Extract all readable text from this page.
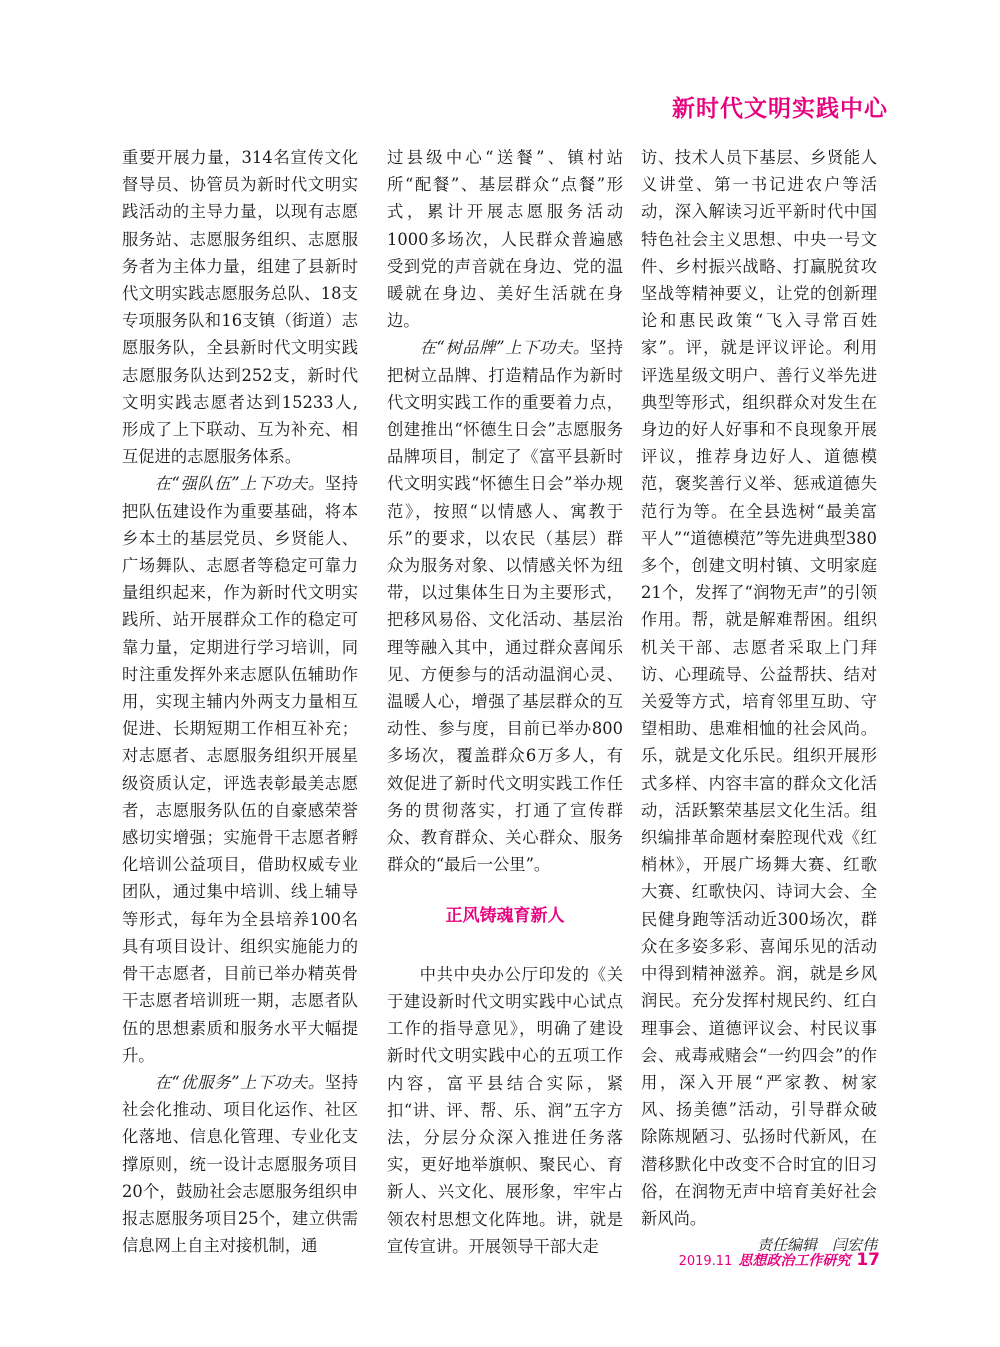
新时代文明实践中心

重要开展力量，314名宣传文化督导员、协管员为新时代文明实践活动的主导力量，以现有志愿服务站、志愿服务组织、志愿服务者为主体力量，组建了县新时代文明实践志愿服务总队、18支专项服务队和16支镇（街道）志愿服务队，全县新时代文明实践志愿服务队达到252支，新时代文明实践志愿者达到15233人,形成了上下联动、互为补充、相互促进的志愿服务体系。

在“强队伍”上下功夫。坚持把队伍建设作为重要基础，将本乡本土的基层党员、乡贤能人、广场舞队、志愿者等稳定可靠力量组织起来，作为新时代文明实践所、站开展群众工作的稳定可靠力量，定期进行学习培训，同时注重发挥外来志愿队伍辅助作用，实现主辅内外两支力量相互促进、长期短期工作相互补充；对志愿者、志愿服务组织开展星级资质认定，评选表彰最美志愿者，志愿服务队伍的自豪感荣誉感切实增强；实施骨干志愿者孵化培训公益项目，借助权威专业团队，通过集中培训、线上辅导等形式，每年为全县培养100名具有项目设计、组织实施能力的骨干志愿者，目前已举办精英骨干志愿者培训班一期，志愿者队伍的思想素质和服务水平大幅提升。

在“优服务”上下功夫。坚持社会化推动、项目化运作、社区化落地、信息化管理、专业化支撑原则，统一设计志愿服务项目20个，鼓励社会志愿服务组织申报志愿服务项目25个，建立供需信息网上自主对接机制，通

过县级中心“送餐”、镇村站所“配餐”、基层群众“点餐”形式，累计开展志愿服务活动1000多场次，人民群众普遍感受到党的声音就在身边、党的温暖就在身边、美好生活就在身边。

在“树品牌”上下功夫。坚持把树立品牌、打造精品作为新时代文明实践工作的重要着力点，创建推出“怀德生日会”志愿服务品牌项目，制定了《富平县新时代文明实践“怀德生日会”举办规范》，按照“以情感人、寓教于乐”的要求，以农民（基层）群众为服务对象、以情感关怀为纽带，以过集体生日为主要形式，把移风易俗、文化活动、基层治理等融入其中，通过群众喜闻乐见、方便参与的活动温润心灵、温暖人心，增强了基层群众的互动性、参与度，目前已举办800多场次，覆盖群众6万多人，有效促进了新时代文明实践工作任务的贯彻落实，打通了宣传群众、教育群众、关心群众、服务群众的“最后一公里”。

正风铸魂育新人

中共中央办公厅印发的《关于建设新时代文明实践中心试点工作的指导意见》，明确了建设新时代文明实践中心的五项工作内容，富平县结合实际，紧扣“讲、评、帮、乐、润”五字方法，分层分众深入推进任务落实，更好地举旗帜、聚民心、育新人、兴文化、展形象，牢牢占领农村思想文化阵地。讲，就是宣传宣讲。开展领导干部大走

访、技术人员下基层、乡贤能人义讲堂、第一书记进农户等活动，深入解读习近平新时代中国特色社会主义思想、中央一号文件、乡村振兴战略、打赢脱贫攻坚战等精神要义，让党的创新理论和惠民政策“飞入寻常百姓家”。评，就是评议评论。利用评选星级文明户、善行义举先进典型等形式，组织群众对发生在身边的好人好事和不良现象开展评议，推荐身边好人、道德模范，褒奖善行义举、惩戒道德失范行为等。在全县选树“最美富平人”“道德模范”等先进典型380多个，创建文明村镇、文明家庭21个，发挥了“润物无声”的引领作用。帮，就是解难帮困。组织机关干部、志愿者采取上门拜访、心理疏导、公益帮扶、结对关爱等方式，培育邻里互助、守望相助、患难相恤的社会风尚。乐，就是文化乐民。组织开展形式多样、内容丰富的群众文化活动，活跃繁荣基层文化生活。组织编排革命题材秦腔现代戏《红梢林》，开展广场舞大赛、红歌大赛、红歌快闪、诗词大会、全民健身跑等活动近300场次，群众在多姿多彩、喜闻乐见的活动中得到精神滋养。润，就是乡风润民。充分发挥村规民约、红白理事会、道德评议会、村民议事会、戒毒戒赌会“一约四会”的作用，深入开展“严家教、树家风、扬美德”活动，引导群众破除陈规陋习、弘扬时代新风，在潜移默化中改变不合时宜的旧习俗，在润物无声中培育美好社会新风尚。

责任编辑　闫宏伟

2019.11 思想政治工作研究 17
